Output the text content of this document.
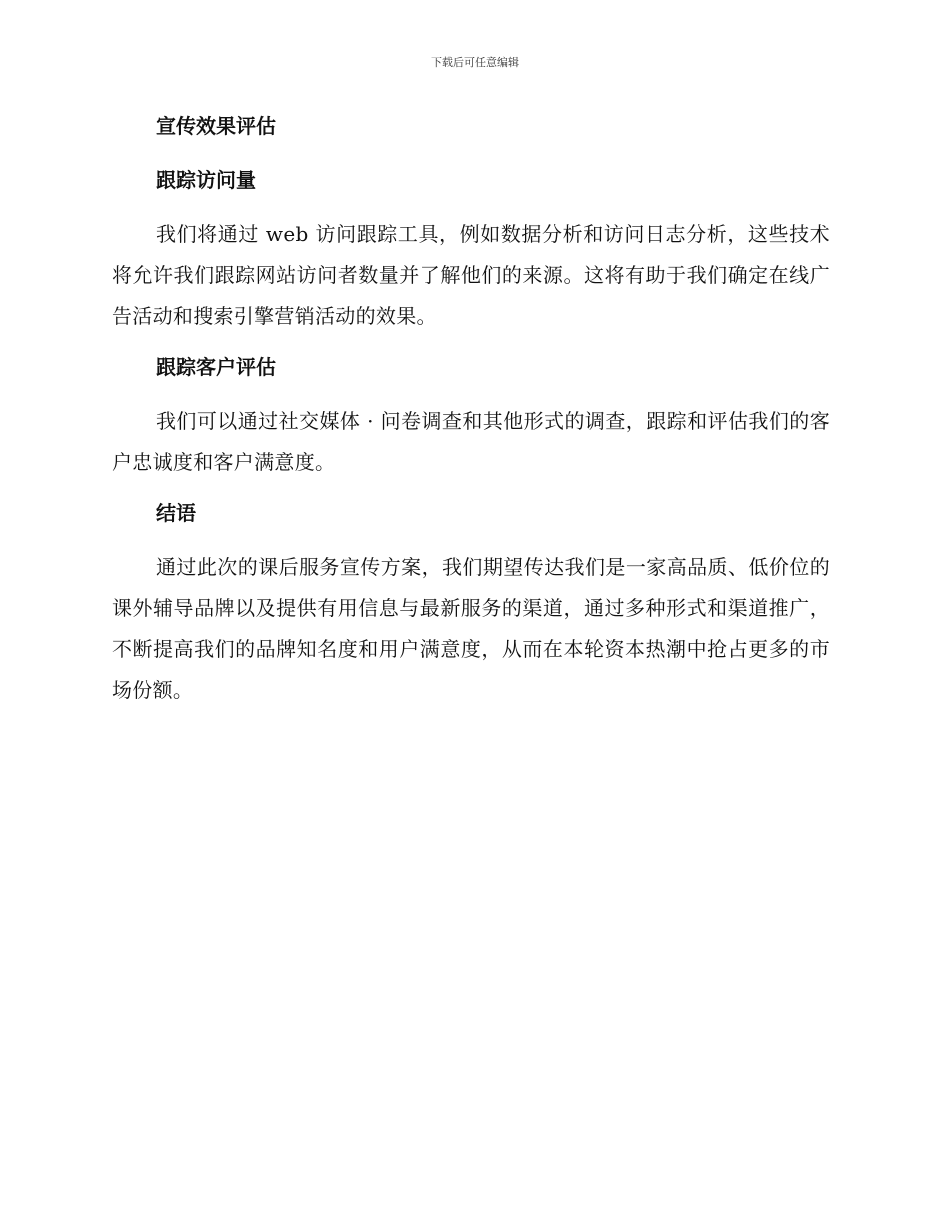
下载后可任意编辑
宣传效果评估
跟踪访问量

我们将通过 web 访问跟踪工具，例如数据分析和访问日志分析，这些技术将允许我们跟踪网站访问者数量并了解他们的来源。这将有助于我们确定在线广告活动和搜索引擎营销活动的效果。

跟踪客户评估

我们可以通过社交媒体 · 问卷调查和其他形式的调查，跟踪和评估我们的客户忠诚度和客户满意度。

结语

通过此次的课后服务宣传方案，我们期望传达我们是一家高品质、低价位的课外辅导品牌以及提供有用信息与最新服务的渠道，通过多种形式和渠道推广，不断提高我们的品牌知名度和用户满意度，从而在本轮资本热潮中抢占更多的市场份额。
